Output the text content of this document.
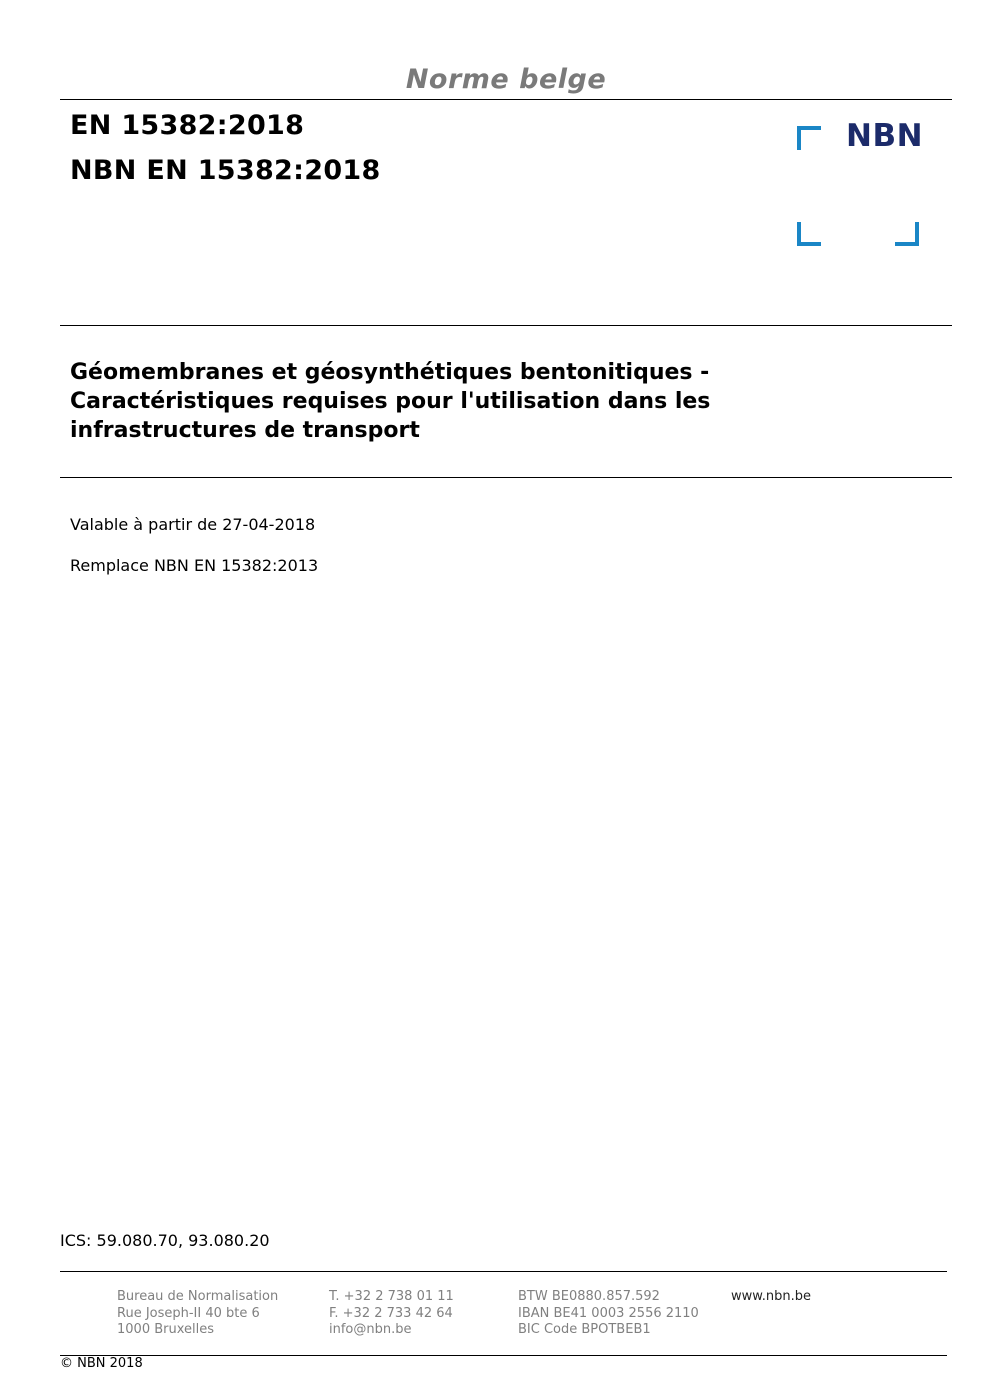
Norme belge
EN 15382:2018
NBN EN 15382:2018
NBN
Géomembranes et géosynthétiques bentonitiques -
Caractéristiques requises pour l'utilisation dans les
infrastructures de transport
Valable à partir de 27-04-2018
Remplace NBN EN 15382:2013
ICS: 59.080.70, 93.080.20
Bureau de Normalisation
Rue Joseph-II 40 bte 6
1000 Bruxelles
T. +32 2 738 01 11
F. +32 2 733 42 64
info@nbn.be
BTW BE0880.857.592
IBAN BE41 0003 2556 2110
BIC Code BPOTBEB1
www.nbn.be
© NBN 2018
